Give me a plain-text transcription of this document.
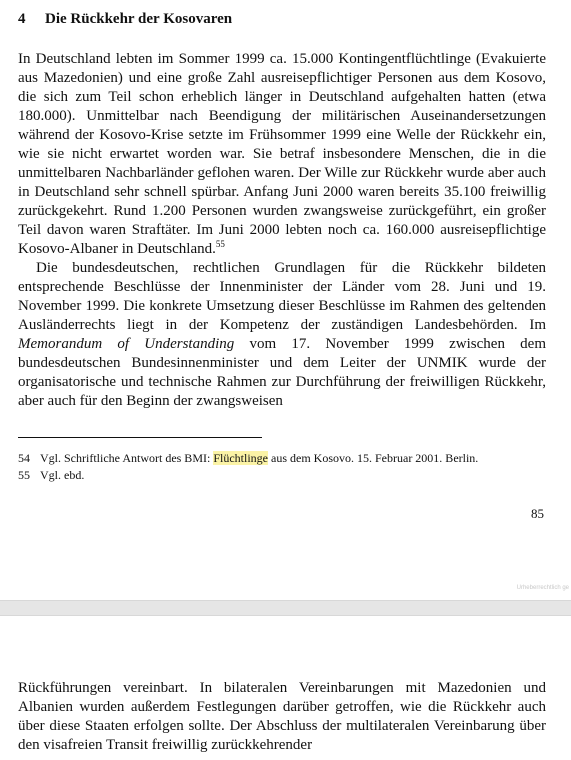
4 Die Rückkehr der Kosovaren

In Deutschland lebten im Sommer 1999 ca. 15.000 Kontingentflüchtlinge (Evakuierte aus Mazedonien) und eine große Zahl ausreisepflichtiger Personen aus dem Kosovo, die sich zum Teil schon erheblich länger in Deutschland aufgehalten hatten (etwa 180.000). Unmittelbar nach Beendigung der militärischen Auseinandersetzungen während der Kosovo-Krise setzte im Frühsommer 1999 eine Welle der Rückkehr ein, wie sie nicht erwartet worden war. Sie betraf insbesondere Menschen, die in die unmittelbaren Nachbarländer geflohen waren. Der Wille zur Rückkehr wurde aber auch in Deutschland sehr schnell spürbar. Anfang Juni 2000 waren bereits 35.100 freiwillig zurückgekehrt. Rund 1.200 Personen wurden zwangsweise zurückgeführt, ein großer Teil davon waren Straftäter. Im Juni 2000 lebten noch ca. 160.000 ausreisepflichtige Kosovo-Albaner in Deutschland.$^{55}$

Die bundesdeutschen, rechtlichen Grundlagen für die Rückkehr bildeten entsprechende Beschlüsse der Innenminister der Länder vom 28. Juni und 19. November 1999. Die konkrete Umsetzung dieser Beschlüsse im Rahmen des geltenden Ausländerrechts liegt in der Kompetenz der zuständigen Landesbehörden. Im Memorandum of Understanding vom 17. November 1999 zwischen dem bundesdeutschen Bundesinnenminister und dem Leiter der UNMIK wurde der organisatorische und technische Rahmen zur Durchführung der freiwilligen Rückkehr, aber auch für den Beginn der zwangsweisen

54 Vgl. Schriftliche Antwort des BMI: Flüchtlinge aus dem Kosovo. 15. Februar 2001. Berlin.
55 Vgl. ebd.
85
Urheberrechtlich ge

Rückführungen vereinbart. In bilateralen Vereinbarungen mit Mazedonien und Albanien wurden außerdem Festlegungen darüber getroffen, wie die Rückkehr auch über diese Staaten erfolgen sollte. Der Abschluss der multilateralen Vereinbarung über den visafreien Transit freiwillig zurückkehrender
